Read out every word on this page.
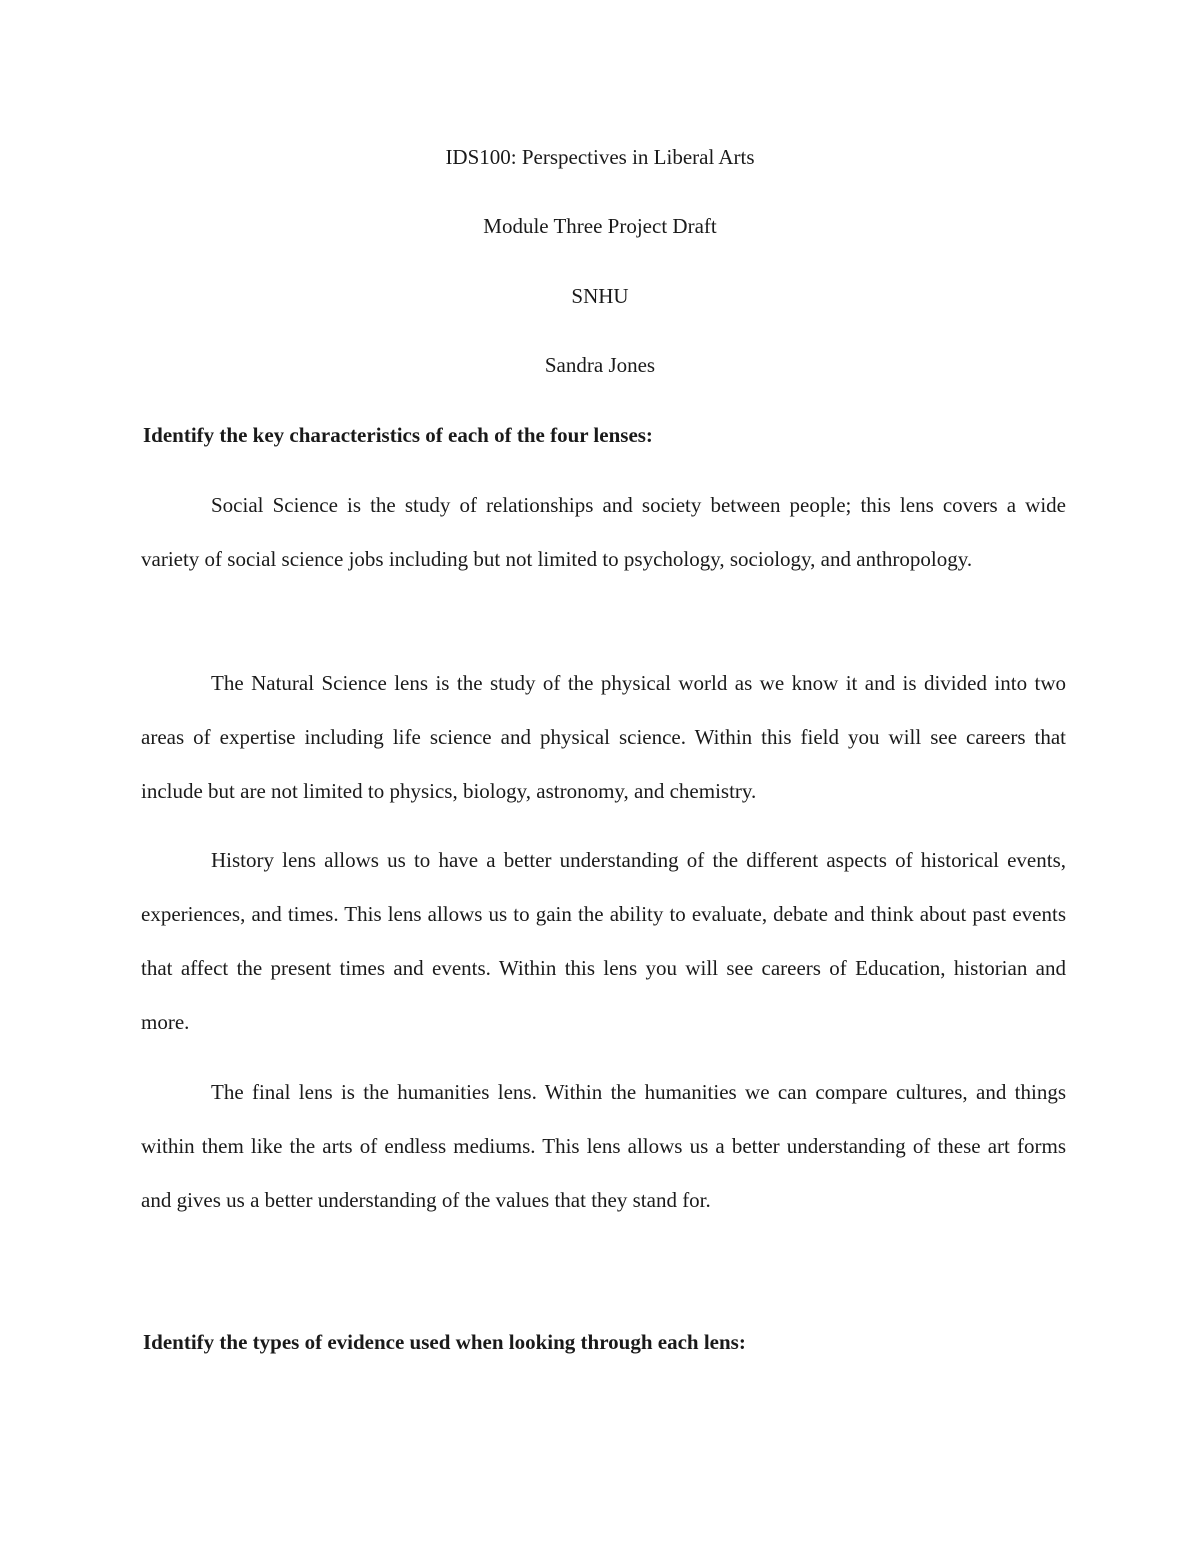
IDS100: Perspectives in Liberal Arts

Module Three Project Draft

SNHU

Sandra Jones

Identify the key characteristics of each of the four lenses:

Social Science is the study of relationships and society between people; this lens covers a wide variety of social science jobs including but not limited to psychology, sociology, and anthropology.

The Natural Science lens is the study of the physical world as we know it and is divided into two areas of expertise including life science and physical science. Within this field you will see careers that include but are not limited to physics, biology, astronomy, and chemistry.

History lens allows us to have a better understanding of the different aspects of historical events, experiences, and times. This lens allows us to gain the ability to evaluate, debate and think about past events that affect the present times and events. Within this lens you will see careers of Education, historian and more.

The final lens is the humanities lens. Within the humanities we can compare cultures, and things within them like the arts of endless mediums. This lens allows us a better understanding of these art forms and gives us a better understanding of the values that they stand for.

Identify the types of evidence used when looking through each lens:
